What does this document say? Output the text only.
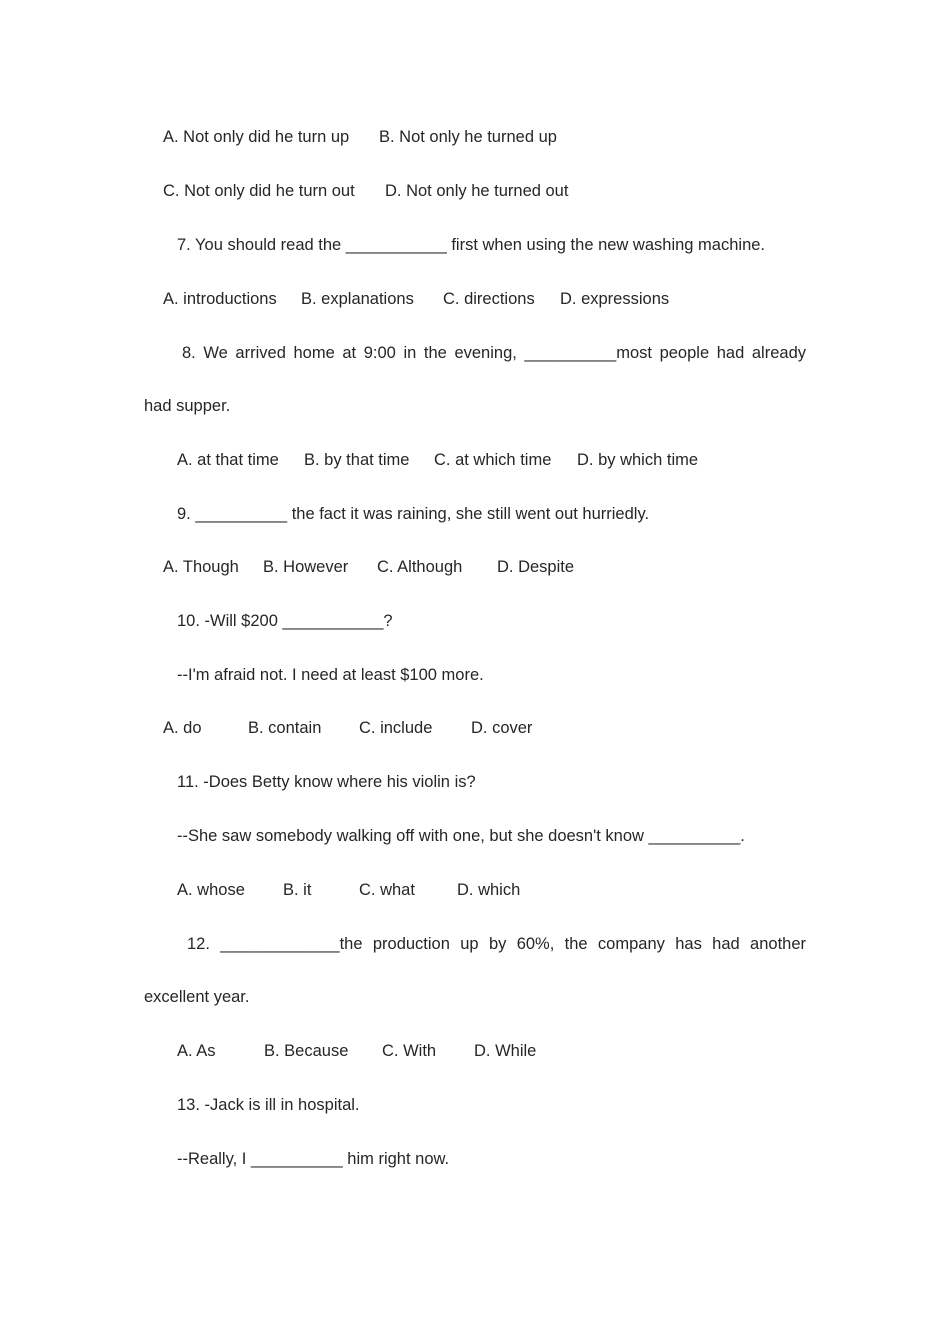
A. Not only did he turn up B. Not only he turned up
C. Not only did he turn out D. Not only he turned out
7. You should read the ___________ first when using the new washing machine.
A. introductions B. explanations C. directions D. expressions
8. We arrived home at 9:00 in the evening, __________most people had already
had supper.
A. at that time B. by that time C. at which time D. by which time
9. __________ the fact it was raining, she still went out hurriedly.
A. Though B. However C. Although D. Despite
10. -Will $200 ___________?
--I'm afraid not. I need at least $100 more.
A. do	B. contain C. include D. cover
11. -Does Betty know where his violin is?
--She saw somebody walking off with one, but she doesn't know __________.
A. whose B. it	C. what	D. which
12. _____________the production up by 60%, the company has had another
excellent year.
A. As	B. Because C. With D. While
13. -Jack is ill in hospital.
--Really, I __________ him right now.
